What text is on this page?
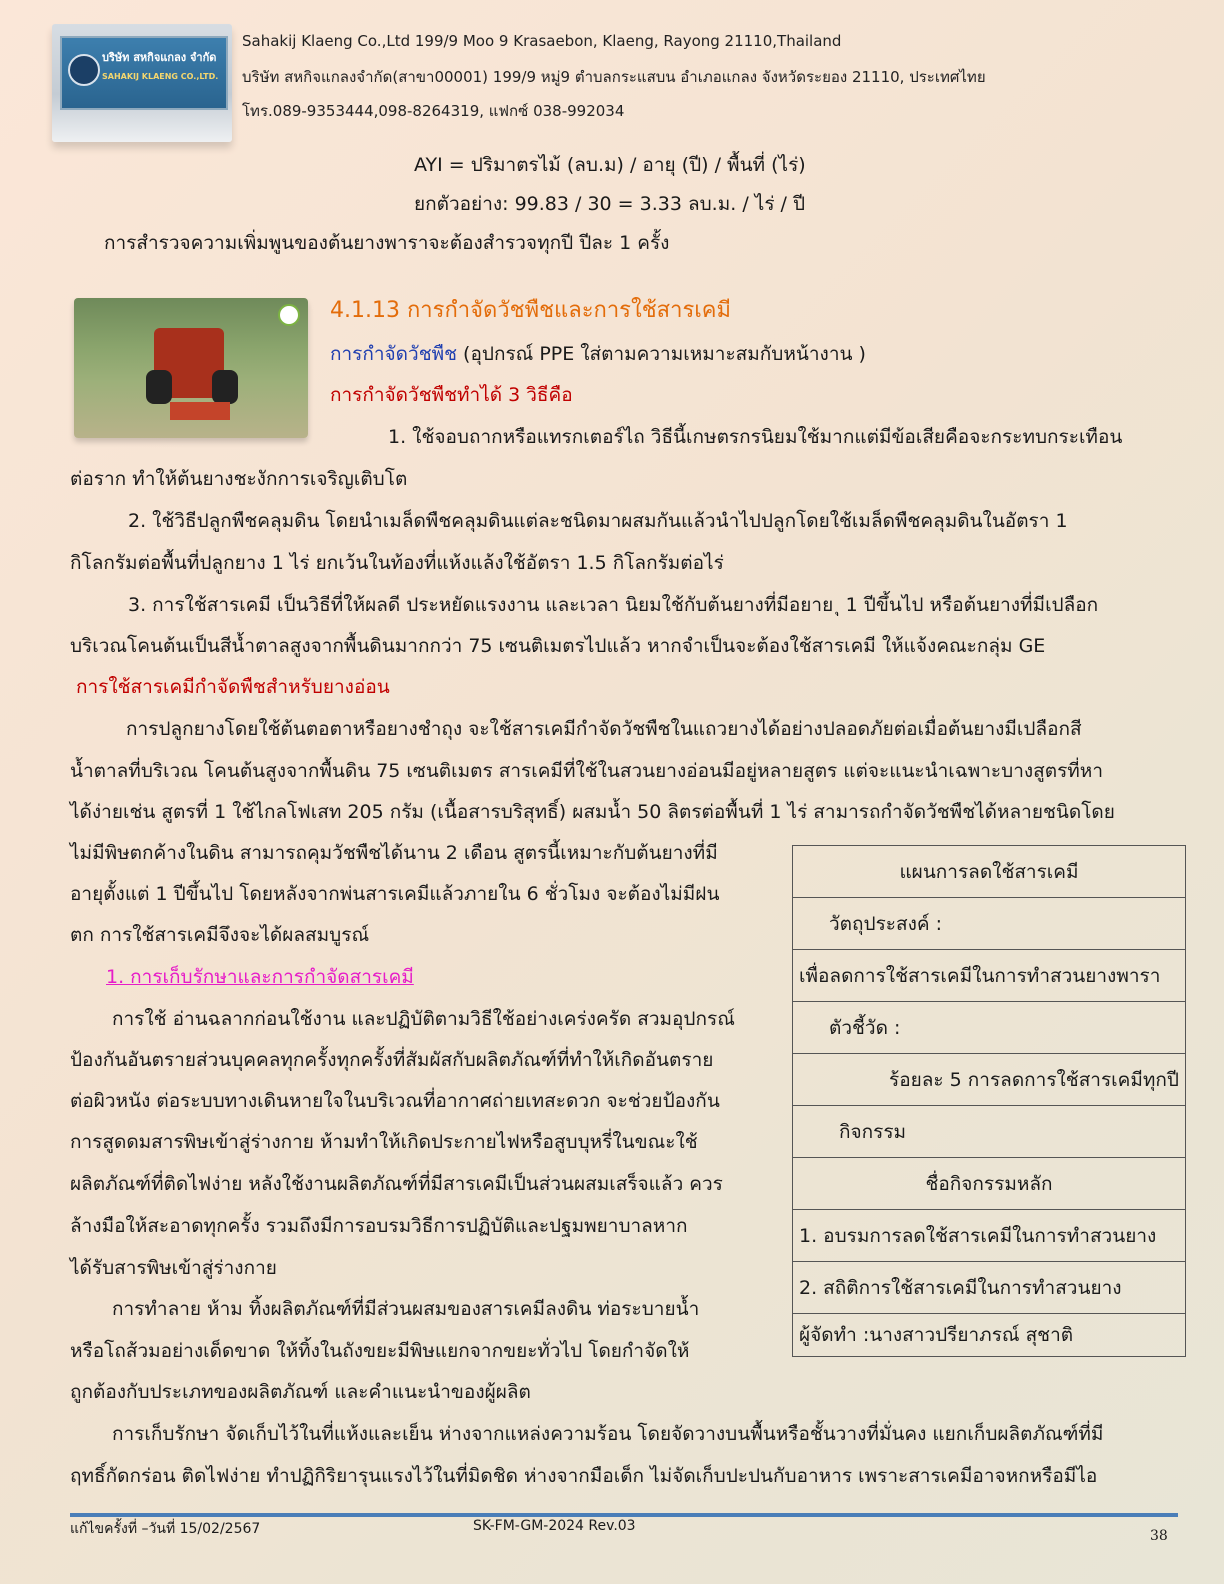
บริษัท สหกิจแกลง จำกัด
SAHAKIJ KLAENG CO.,LTD.
Sahakij Klaeng Co.,Ltd 199/9 Moo 9 Krasaebon, Klaeng, Rayong 21110,Thailand
บริษัท สหกิจแกลงจำกัด(สาขา00001) 199/9 หมู่9 ตำบลกระแสบน อำเภอแกลง จังหวัดระยอง 21110, ประเทศไทย
โทร.089-9353444,098-8264319, แฟกซ์ 038-992034
AYI = ปริมาตรไม้ (ลบ.ม) / อายุ (ปี) / พื้นที่ (ไร่)
ยกตัวอย่าง: 99.83 / 30 = 3.33 ลบ.ม. / ไร่ / ปี
การสำรวจความเพิ่มพูนของต้นยางพาราจะต้องสำรวจทุกปี ปีละ 1 ครั้ง
4.1.13 การกำจัดวัชพืชและการใช้สารเคมี
การกำจัดวัชพืช (อุปกรณ์ PPE ใส่ตามความเหมาะสมกับหน้างาน )
การกำจัดวัชพืชทำได้ 3 วิธีคือ
1. ใช้จอบถากหรือแทรกเตอร์ไถ วิธีนี้เกษตรกรนิยมใช้มากแต่มีข้อเสียคือจะกระทบกระเทือน
ต่อราก ทำให้ต้นยางชะงักการเจริญเติบโต
2. ใช้วิธีปลูกพืชคลุมดิน โดยนำเมล็ดพืชคลุมดินแต่ละชนิดมาผสมกันแล้วนำไปปลูกโดยใช้เมล็ดพืชคลุมดินในอัตรา 1
กิโลกรัมต่อพื้นที่ปลูกยาง 1 ไร่ ยกเว้นในท้องที่แห้งแล้งใช้อัตรา 1.5 กิโลกรัมต่อไร่
3. การใช้สารเคมี เป็นวิธีที่ให้ผลดี ประหยัดแรงงาน และเวลา นิยมใช้กับต้นยางที่มีอยาย ุ 1 ปีขึ้นไป หรือต้นยางที่มีเปลือก
บริเวณโคนต้นเป็นสีน้ำตาลสูงจากพื้นดินมากกว่า 75 เซนติเมตรไปแล้ว หากจำเป็นจะต้องใช้สารเคมี ให้แจ้งคณะกลุ่ม GE
การใช้สารเคมีกำจัดพืชสำหรับยางอ่อน
การปลูกยางโดยใช้ต้นตอตาหรือยางชำถุง จะใช้สารเคมีกำจัดวัชพืชในแถวยางได้อย่างปลอดภัยต่อเมื่อต้นยางมีเปลือกสี
น้ำตาลที่บริเวณ โคนต้นสูงจากพื้นดิน 75 เซนติเมตร สารเคมีที่ใช้ในสวนยางอ่อนมีอยู่หลายสูตร แต่จะแนะนำเฉพาะบางสูตรที่หา
ได้ง่ายเช่น สูตรที่ 1 ใช้ไกลโฟเสท 205 กรัม (เนื้อสารบริสุทธิ์) ผสมน้ำ 50 ลิตรต่อพื้นที่ 1 ไร่ สามารถกำจัดวัชพืชได้หลายชนิดโดย
ไม่มีพิษตกค้างในดิน สามารถคุมวัชพืชได้นาน 2 เดือน สูตรนี้เหมาะกับต้นยางที่มี
อายุตั้งแต่ 1 ปีขึ้นไป โดยหลังจากพ่นสารเคมีแล้วภายใน 6 ชั่วโมง จะต้องไม่มีฝน
ตก การใช้สารเคมีจึงจะได้ผลสมบูรณ์
1. การเก็บรักษาและการกำจัดสารเคมี
การใช้ อ่านฉลากก่อนใช้งาน และปฏิบัติตามวิธีใช้อย่างเคร่งครัด สวมอุปกรณ์
ป้องกันอันตรายส่วนบุคคลทุกครั้งทุกครั้งที่สัมผัสกับผลิตภัณฑ์ที่ทำให้เกิดอันตราย
ต่อผิวหนัง ต่อระบบทางเดินหายใจในบริเวณที่อากาศถ่ายเทสะดวก จะช่วยป้องกัน
การสูดดมสารพิษเข้าสู่ร่างกาย ห้ามทำให้เกิดประกายไฟหรือสูบบุหรี่ในขณะใช้
ผลิตภัณฑ์ที่ติดไฟง่าย หลังใช้งานผลิตภัณฑ์ที่มีสารเคมีเป็นส่วนผสมเสร็จแล้ว ควร
ล้างมือให้สะอาดทุกครั้ง รวมถึงมีการอบรมวิธีการปฏิบัติและปฐมพยาบาลหาก
ได้รับสารพิษเข้าสู่ร่างกาย
การทำลาย ห้าม ทิ้งผลิตภัณฑ์ที่มีส่วนผสมของสารเคมีลงดิน ท่อระบายน้ำ
หรือโถส้วมอย่างเด็ดขาด ให้ทิ้งในถังขยะมีพิษแยกจากขยะทั่วไป โดยกำจัดให้
ถูกต้องกับประเภทของผลิตภัณฑ์ และคำแนะนำของผู้ผลิต
การเก็บรักษา จัดเก็บไว้ในที่แห้งและเย็น ห่างจากแหล่งความร้อน โดยจัดวางบนพื้นหรือชั้นวางที่มั่นคง แยกเก็บผลิตภัณฑ์ที่มี
ฤทธิ์กัดกร่อน ติดไฟง่าย ทำปฏิกิริยารุนแรงไว้ในที่มิดชิด ห่างจากมือเด็ก ไม่จัดเก็บปะปนกับอาหาร เพราะสารเคมีอาจหกหรือมีไอ
แผนการลดใช้สารเคมี
วัตถุประสงค์ :
เพื่อลดการใช้สารเคมีในการทำสวนยางพารา
ตัวชี้วัด :
ร้อยละ 5 การลดการใช้สารเคมีทุกปี
กิจกรรม
ชื่อกิจกรรมหลัก
1. อบรมการลดใช้สารเคมีในการทำสวนยาง
2. สถิติการใช้สารเคมีในการทำสวนยาง
ผู้จัดทำ :นางสาวปรียาภรณ์ สุชาติ
แก้ไขครั้งที่ –วันที่ 15/02/2567	SK-FM-GM-2024 Rev.03
38
